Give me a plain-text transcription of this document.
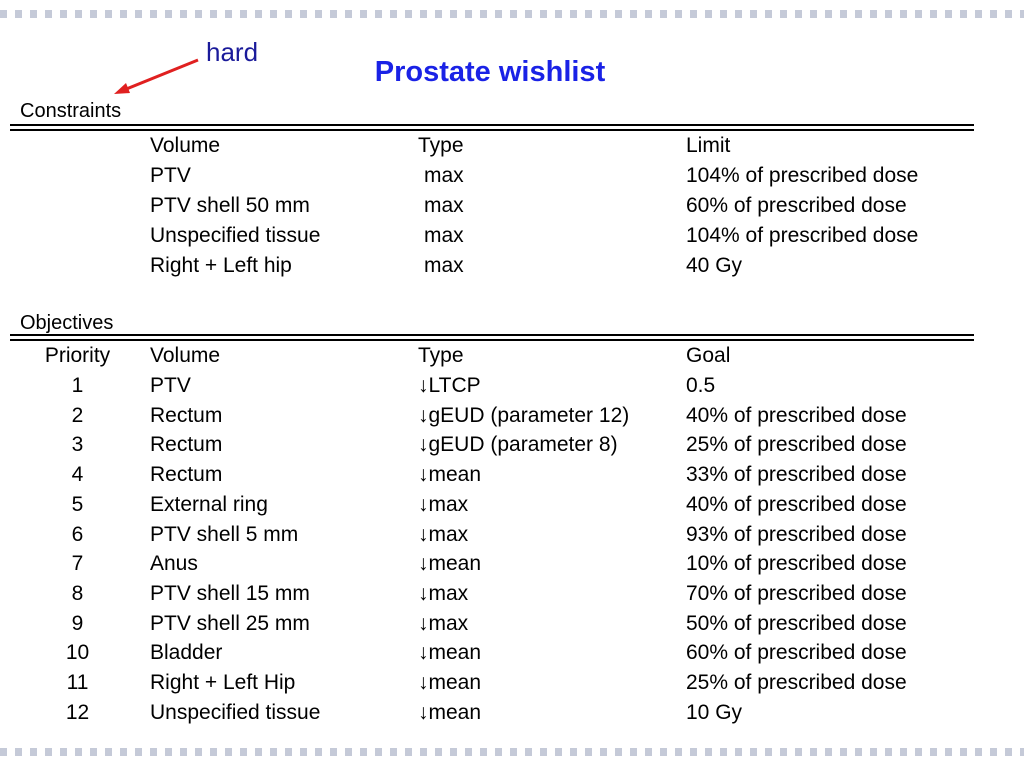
Prostate wishlist
hard
Constraints
Volume	Type	Limit
PTV	max	104% of prescribed dose
PTV shell 50 mm	max	60% of prescribed dose
Unspecified tissue	max	104% of prescribed dose
Right + Left hip	max	40 Gy
Objectives
Priority	Volume	Type	Goal
1	PTV	↓LTCP	0.5
2	Rectum	↓gEUD (parameter 12)	40% of prescribed dose
3	Rectum	↓gEUD (parameter 8)	25% of prescribed dose
4	Rectum	↓mean	33% of prescribed dose
5	External ring	↓max	40% of prescribed dose
6	PTV shell 5 mm	↓max	93% of prescribed dose
7	Anus	↓mean	10% of prescribed dose
8	PTV shell 15 mm	↓max	70% of prescribed dose
9	PTV shell 25 mm	↓max	50% of prescribed dose
10	Bladder	↓mean	60% of prescribed dose
11	Right + Left Hip	↓mean	25% of prescribed dose
12	Unspecified tissue	↓mean	10 Gy
